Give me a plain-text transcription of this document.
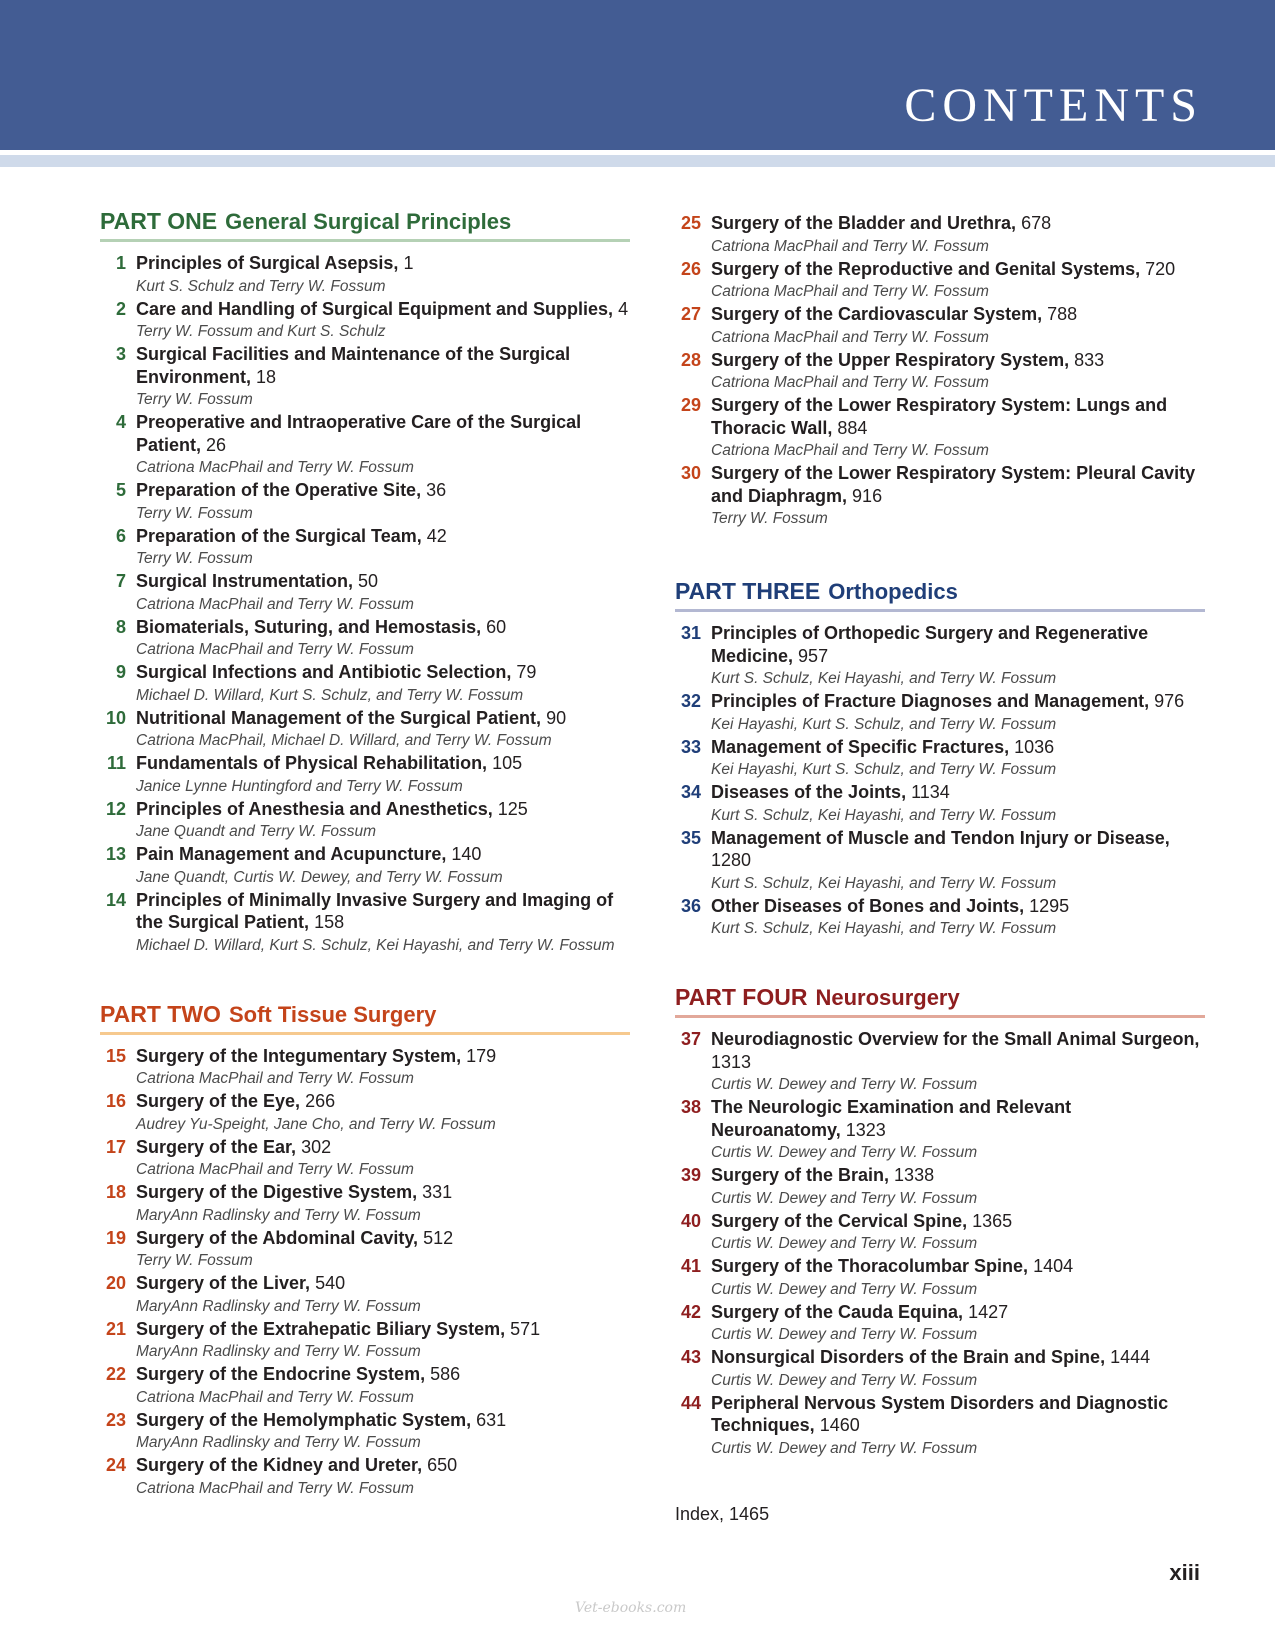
CONTENTS
PART ONE General Surgical Principles
1 Principles of Surgical Asepsis, 1
Kurt S. Schulz and Terry W. Fossum
2 Care and Handling of Surgical Equipment and Supplies, 4
Terry W. Fossum and Kurt S. Schulz
3 Surgical Facilities and Maintenance of the Surgical Environment, 18
Terry W. Fossum
4 Preoperative and Intraoperative Care of the Surgical Patient, 26
Catriona MacPhail and Terry W. Fossum
5 Preparation of the Operative Site, 36
Terry W. Fossum
6 Preparation of the Surgical Team, 42
Terry W. Fossum
7 Surgical Instrumentation, 50
Catriona MacPhail and Terry W. Fossum
8 Biomaterials, Suturing, and Hemostasis, 60
Catriona MacPhail and Terry W. Fossum
9 Surgical Infections and Antibiotic Selection, 79
Michael D. Willard, Kurt S. Schulz, and Terry W. Fossum
10 Nutritional Management of the Surgical Patient, 90
Catriona MacPhail, Michael D. Willard, and Terry W. Fossum
11 Fundamentals of Physical Rehabilitation, 105
Janice Lynne Huntingford and Terry W. Fossum
12 Principles of Anesthesia and Anesthetics, 125
Jane Quandt and Terry W. Fossum
13 Pain Management and Acupuncture, 140
Jane Quandt, Curtis W. Dewey, and Terry W. Fossum
14 Principles of Minimally Invasive Surgery and Imaging of the Surgical Patient, 158
Michael D. Willard, Kurt S. Schulz, Kei Hayashi, and Terry W. Fossum
PART TWO Soft Tissue Surgery
15 Surgery of the Integumentary System, 179
Catriona MacPhail and Terry W. Fossum
16 Surgery of the Eye, 266
Audrey Yu-Speight, Jane Cho, and Terry W. Fossum
17 Surgery of the Ear, 302
Catriona MacPhail and Terry W. Fossum
18 Surgery of the Digestive System, 331
MaryAnn Radlinsky and Terry W. Fossum
19 Surgery of the Abdominal Cavity, 512
Terry W. Fossum
20 Surgery of the Liver, 540
MaryAnn Radlinsky and Terry W. Fossum
21 Surgery of the Extrahepatic Biliary System, 571
MaryAnn Radlinsky and Terry W. Fossum
22 Surgery of the Endocrine System, 586
Catriona MacPhail and Terry W. Fossum
23 Surgery of the Hemolymphatic System, 631
MaryAnn Radlinsky and Terry W. Fossum
24 Surgery of the Kidney and Ureter, 650
Catriona MacPhail and Terry W. Fossum
25 Surgery of the Bladder and Urethra, 678
Catriona MacPhail and Terry W. Fossum
26 Surgery of the Reproductive and Genital Systems, 720
Catriona MacPhail and Terry W. Fossum
27 Surgery of the Cardiovascular System, 788
Catriona MacPhail and Terry W. Fossum
28 Surgery of the Upper Respiratory System, 833
Catriona MacPhail and Terry W. Fossum
29 Surgery of the Lower Respiratory System: Lungs and Thoracic Wall, 884
Catriona MacPhail and Terry W. Fossum
30 Surgery of the Lower Respiratory System: Pleural Cavity and Diaphragm, 916
Terry W. Fossum
PART THREE Orthopedics
31 Principles of Orthopedic Surgery and Regenerative Medicine, 957
Kurt S. Schulz, Kei Hayashi, and Terry W. Fossum
32 Principles of Fracture Diagnoses and Management, 976
Kei Hayashi, Kurt S. Schulz, and Terry W. Fossum
33 Management of Specific Fractures, 1036
Kei Hayashi, Kurt S. Schulz, and Terry W. Fossum
34 Diseases of the Joints, 1134
Kurt S. Schulz, Kei Hayashi, and Terry W. Fossum
35 Management of Muscle and Tendon Injury or Disease, 1280
Kurt S. Schulz, Kei Hayashi, and Terry W. Fossum
36 Other Diseases of Bones and Joints, 1295
Kurt S. Schulz, Kei Hayashi, and Terry W. Fossum
PART FOUR Neurosurgery
37 Neurodiagnostic Overview for the Small Animal Surgeon, 1313
Curtis W. Dewey and Terry W. Fossum
38 The Neurologic Examination and Relevant Neuroanatomy, 1323
Curtis W. Dewey and Terry W. Fossum
39 Surgery of the Brain, 1338
Curtis W. Dewey and Terry W. Fossum
40 Surgery of the Cervical Spine, 1365
Curtis W. Dewey and Terry W. Fossum
41 Surgery of the Thoracolumbar Spine, 1404
Curtis W. Dewey and Terry W. Fossum
42 Surgery of the Cauda Equina, 1427
Curtis W. Dewey and Terry W. Fossum
43 Nonsurgical Disorders of the Brain and Spine, 1444
Curtis W. Dewey and Terry W. Fossum
44 Peripheral Nervous System Disorders and Diagnostic Techniques, 1460
Curtis W. Dewey and Terry W. Fossum
Index, 1465
xiii
Vet-ebooks.com
